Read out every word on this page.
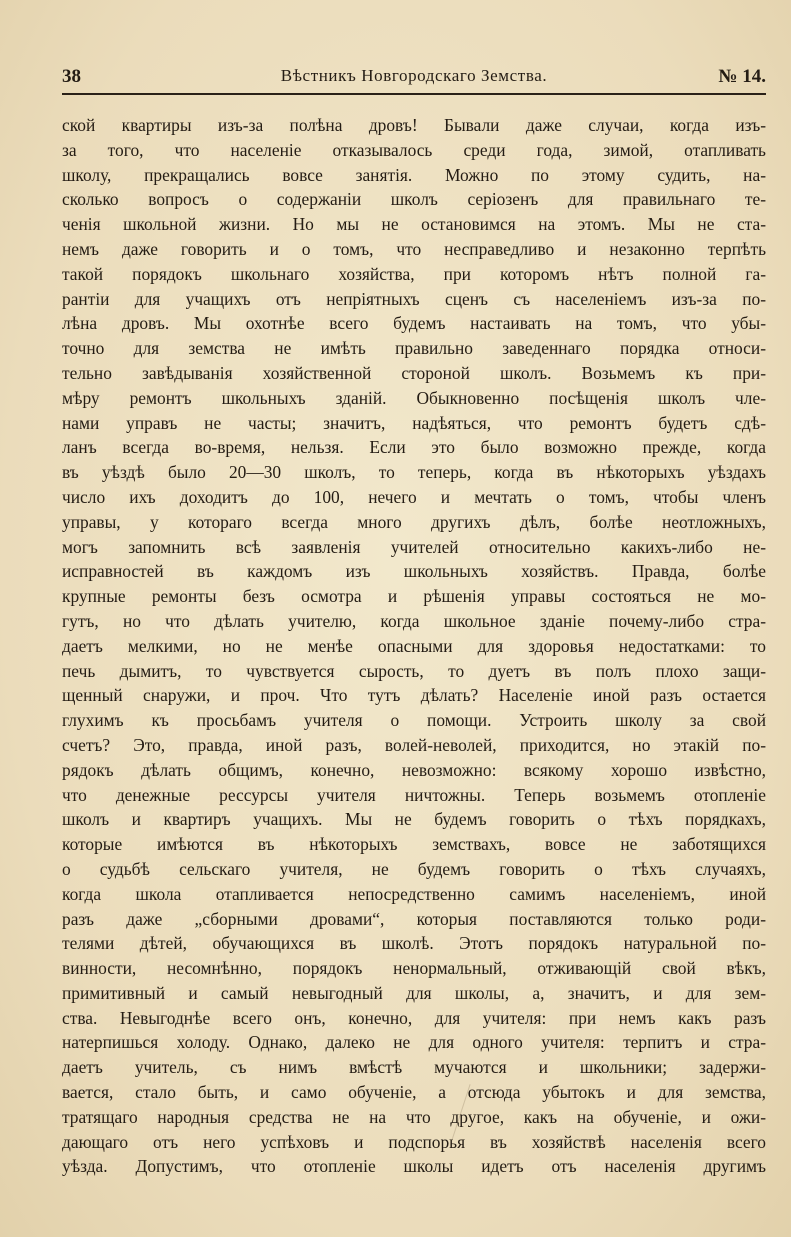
38	Вѣстникъ Новгородскаго Земства.	№ 14.
ской квартиры изъ-за полѣна дровъ! Бывали даже случаи, когда изъ-
за того, что населеніе отказывалось среди года, зимой, отапливать
школу, прекращались вовсе занятія. Можно по этому судить, на-
сколько вопросъ о содержаніи школъ серіозенъ для правильнаго те-
ченія школьной жизни. Но мы не остановимся на этомъ. Мы не ста-
немъ даже говорить и о томъ, что несправедливо и незаконно терпѣть
такой порядокъ школьнаго хозяйства, при которомъ нѣтъ полной га-
рантіи для учащихъ отъ непріятныхъ сценъ съ населеніемъ изъ-за по-
лѣна дровъ. Мы охотнѣе всего будемъ настаивать на томъ, что убы-
точно для земства не имѣть правильно заведеннаго порядка относи-
тельно завѣдыванія хозяйственной стороной школъ. Возьмемъ къ при-
мѣру ремонтъ школьныхъ зданій. Обыкновенно посѣщенія школъ чле-
нами управъ не часты; значитъ, надѣяться, что ремонтъ будетъ сдѣ-
ланъ всегда во-время, нельзя. Если это было возможно прежде, когда
въ уѣздѣ было 20—30 школъ, то теперь, когда въ нѣкоторыхъ уѣздахъ
число ихъ доходитъ до 100, нечего и мечтать о томъ, чтобы членъ
управы, у котораго всегда много другихъ дѣлъ, болѣе неотложныхъ,
могъ запомнить всѣ заявленія учителей относительно какихъ-либо не-
исправностей въ каждомъ изъ школьныхъ хозяйствъ. Правда, болѣе
крупные ремонты безъ осмотра и рѣшенія управы состояться не мо-
гутъ, но что дѣлать учителю, когда школьное зданіе почему-либо стра-
даетъ мелкими, но не менѣе опасными для здоровья недостатками: то
печь дымитъ, то чувствуется сырость, то дуетъ въ полъ плохо защи-
щенный снаружи, и проч. Что тутъ дѣлать? Населеніе иной разъ остается
глухимъ къ просьбамъ учителя о помощи. Устроить школу за свой
счетъ? Это, правда, иной разъ, волей-неволей, приходится, но этакій по-
рядокъ дѣлать общимъ, конечно, невозможно: всякому хорошо извѣстно,
что денежные рессурсы учителя ничтожны. Теперь возьмемъ отопленіе
школъ и квартиръ учащихъ. Мы не будемъ говорить о тѣхъ порядкахъ,
которые имѣются въ нѣкоторыхъ земствахъ, вовсе не заботящихся
о судьбѣ сельскаго учителя, не будемъ говорить о тѣхъ случаяхъ,
когда школа отапливается непосредственно самимъ населеніемъ, иной
разъ даже „сборными дровами“, которыя поставляются только роди-
телями дѣтей, обучающихся въ школѣ. Этотъ порядокъ натуральной по-
винности, несомнѣнно, порядокъ ненормальный, отживающій свой вѣкъ,
примитивный и самый невыгодный для школы, а, значитъ, и для зем-
ства. Невыгоднѣе всего онъ, конечно, для учителя: при немъ какъ разъ
натерпишься холоду. Однако, далеко не для одного учителя: терпитъ и стра-
даетъ учитель, съ нимъ вмѣстѣ мучаются и школьники; задержи-
вается, стало быть, и само обученіе, а отсюда убытокъ и для земства,
тратящаго народныя средства не на что другое, какъ на обученіе, и ожи-
дающаго отъ него успѣховъ и подспорья въ хозяйствѣ населенія всего
уѣзда. Допустимъ, что отопленіе школы идетъ отъ населенія другимъ
